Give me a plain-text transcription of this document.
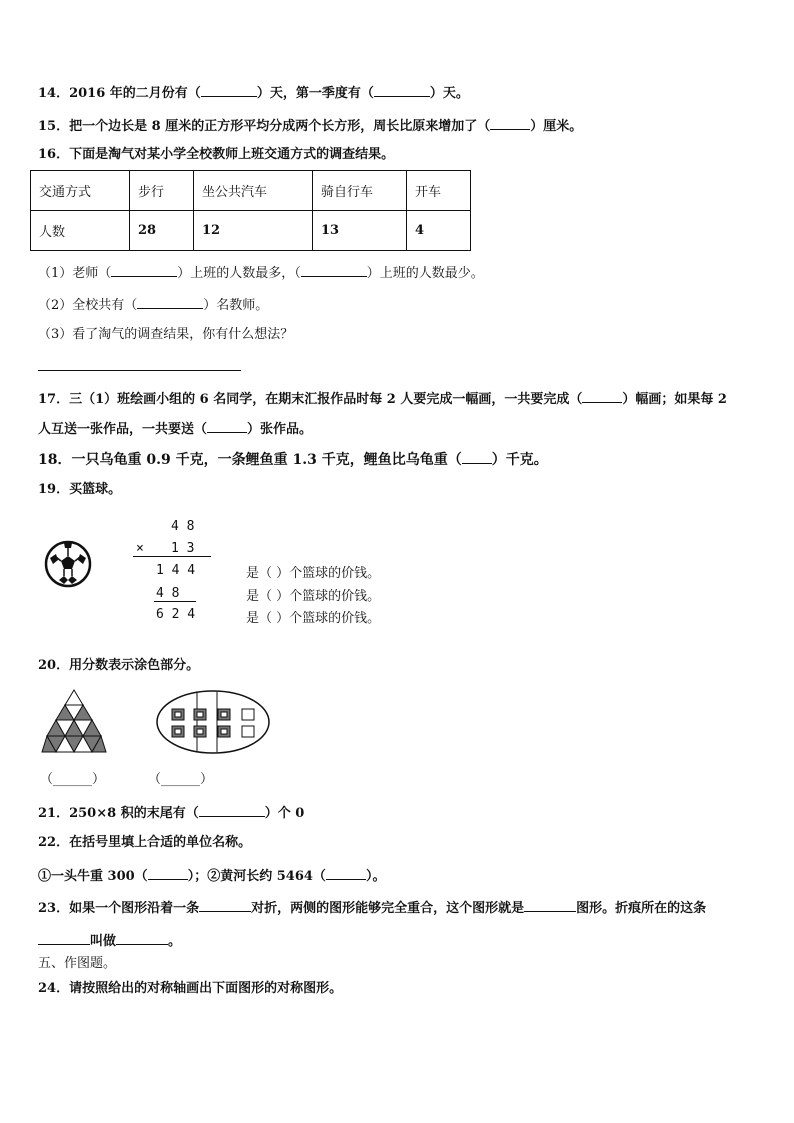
14．2016 年的二月份有（	）天，第一季度有（	）天。
15．把一个边长是 8 厘米的正方形平均分成两个长方形，周长比原来增加了（	）厘米。
16．下面是淘气对某小学全校教师上班交通方式的调查结果。
交通方式	步行	坐公共汽车	骑自行车	开车
人数	28	12	13	4
（1）老师（	）上班的人数最多，（	）上班的人数最少。
（2）全校共有（	）名教师。
（3）看了淘气的调查结果，你有什么想法？
17．三（1）班绘画小组的 6 名同学，在期末汇报作品时每 2 人要完成一幅画，一共要完成（	）幅画；如果每 2
人互送一张作品，一共要送（	）张作品。
18．一只乌龟重 0.9 千克，一条鲤鱼重 1.3 千克，鲤鱼比乌龟重（ ）千克。
19．买篮球。
4 8
× 1 3
1 4 4
4 8
6 2 4
是（ ）个篮球的价钱。
是（ ）个篮球的价钱。
是（ ）个篮球的价钱。
20．用分数表示涂色部分。
（______）	（______）
21．250×8 积的末尾有（	）个 0
22．在括号里填上合适的单位名称。
①一头牛重 300（	）；②黄河长约 5464（	）。
23．如果一个图形沿着一条	对折，两侧的图形能够完全重合，这个图形就是	图形。折痕所在的这条
叫做	。
五、作图题。
24．请按照给出的对称轴画出下面图形的对称图形。
